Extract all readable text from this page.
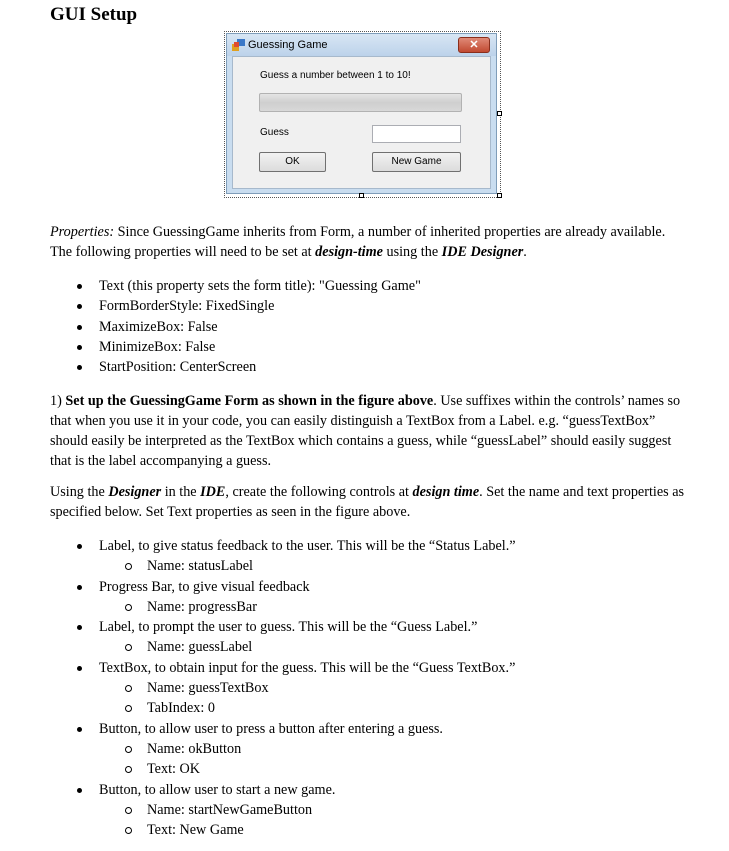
GUI Setup
Guessing Game	✕
Guess a number between 1 to 10!
Guess
OK	New Game

Properties: Since GuessingGame inherits from Form, a number of inherited properties are already available. The following properties will need to be set at design-time using the IDE Designer.

Text (this property sets the form title): "Guessing Game"
FormBorderStyle: FixedSingle
MaximizeBox: False
MinimizeBox: False
StartPosition: CenterScreen

1) Set up the GuessingGame Form as shown in the figure above. Use suffixes within the controls’ names so that when you use it in your code, you can easily distinguish a TextBox from a Label. e.g. “guessTextBox” should easily be interpreted as the TextBox which contains a guess, while “guessLabel” should easily suggest that is the label accompanying a guess.

Using the Designer in the IDE, create the following controls at design time. Set the name and text properties as specified below. Set Text properties as seen in the figure above.

Label, to give status feedback to the user. This will be the “Status Label.”
Name: statusLabel
Progress Bar, to give visual feedback
Name: progressBar
Label, to prompt the user to guess. This will be the “Guess Label.”
Name: guessLabel
TextBox, to obtain input for the guess. This will be the “Guess TextBox.”
Name: guessTextBox
TabIndex: 0
Button, to allow user to press a button after entering a guess.
Name: okButton
Text: OK
Button, to allow user to start a new game.
Name: startNewGameButton
Text: New Game
